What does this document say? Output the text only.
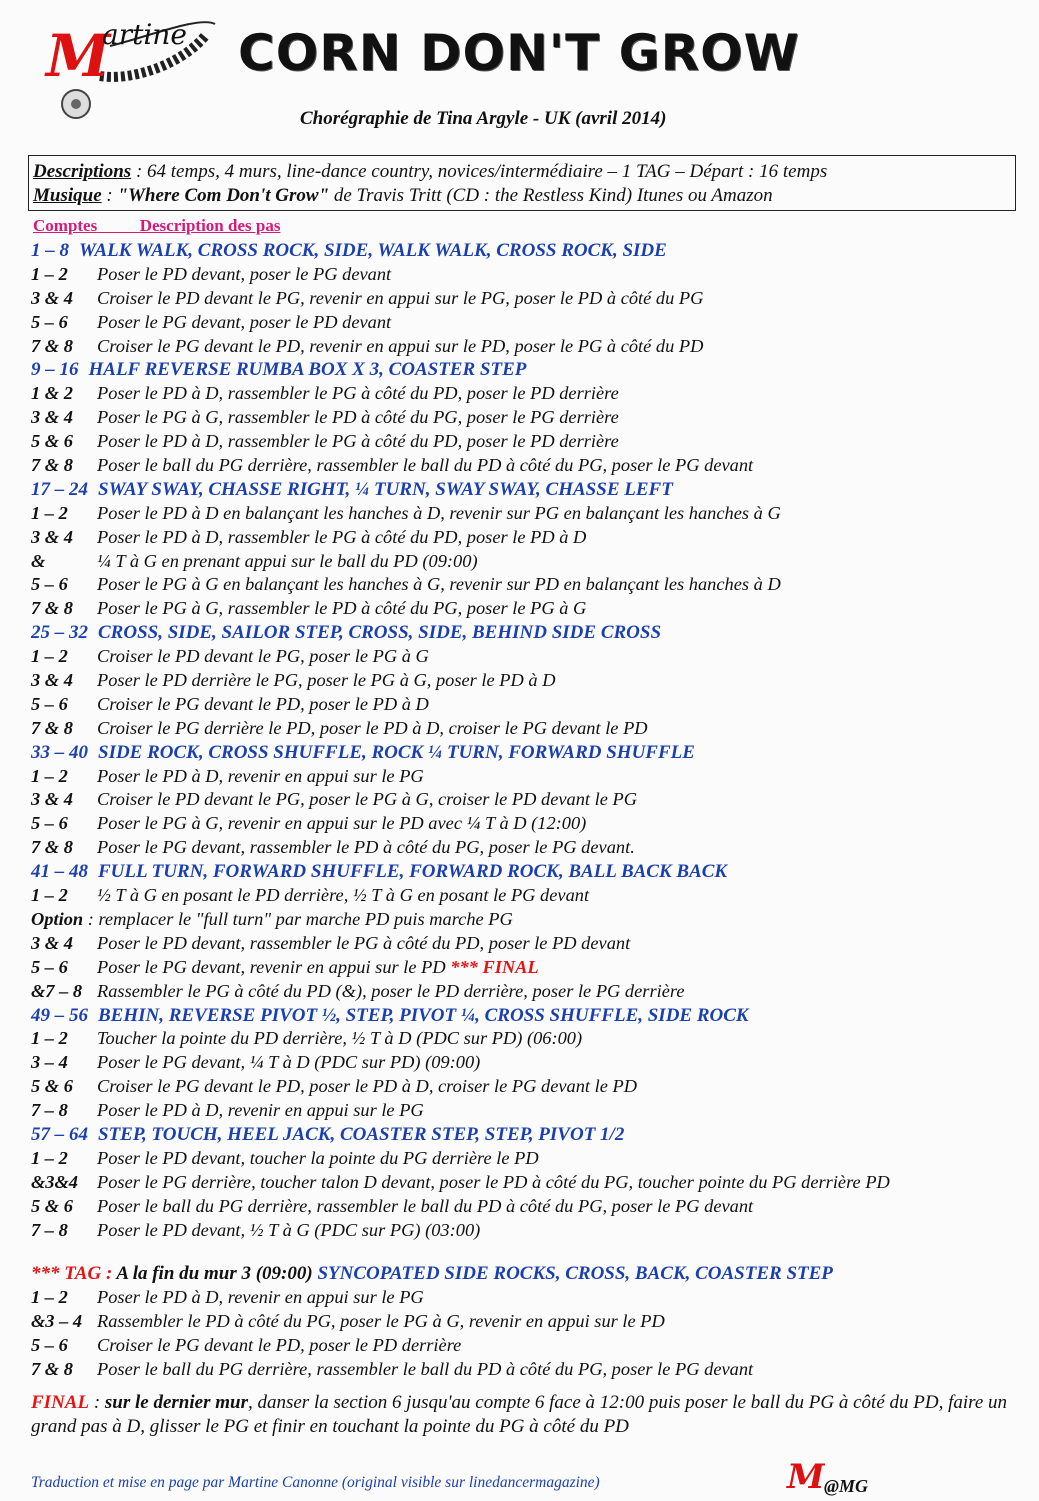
M
artine CORN DON'T GROW
Chorégraphie de Tina Argyle - UK (avril 2014)
Descriptions : 64 temps, 4 murs, line-dance country, novices/intermédiaire – 1 TAG – Départ : 16 temps
Musique : "Where Com Don't Grow" de Travis Tritt (CD : the Restless Kind) Itunes ou Amazon
Comptes	Description des pas
1 – 8 WALK WALK, CROSS ROCK, SIDE, WALK WALK, CROSS ROCK, SIDE
1 – 2 Poser le PD devant, poser le PG devant
3 & 4 Croiser le PD devant le PG, revenir en appui sur le PG, poser le PD à côté du PG
5 – 6 Poser le PG devant, poser le PD devant
7 & 8 Croiser le PG devant le PD, revenir en appui sur le PD, poser le PG à côté du PD
9 – 16 HALF REVERSE RUMBA BOX X 3, COASTER STEP
1 & 2 Poser le PD à D, rassembler le PG à côté du PD, poser le PD derrière
3 & 4 Poser le PG à G, rassembler le PD à côté du PG, poser le PG derrière
5 & 6 Poser le PD à D, rassembler le PG à côté du PD, poser le PD derrière
7 & 8 Poser le ball du PG derrière, rassembler le ball du PD à côté du PG, poser le PG devant
17 – 24 SWAY SWAY, CHASSE RIGHT, ¼ TURN, SWAY SWAY, CHASSE LEFT
1 – 2 Poser le PD à D en balançant les hanches à D, revenir sur PG en balançant les hanches à G
3 & 4 Poser le PD à D, rassembler le PG à côté du PD, poser le PD à D
&	¼ T à G en prenant appui sur le ball du PD (09:00)
5 – 6 Poser le PG à G en balançant les hanches à G, revenir sur PD en balançant les hanches à D
7 & 8 Poser le PG à G, rassembler le PD à côté du PG, poser le PG à G
25 – 32 CROSS, SIDE, SAILOR STEP, CROSS, SIDE, BEHIND SIDE CROSS
1 – 2 Croiser le PD devant le PG, poser le PG à G
3 & 4 Poser le PD derrière le PG, poser le PG à G, poser le PD à D
5 – 6 Croiser le PG devant le PD, poser le PD à D
7 & 8 Croiser le PG derrière le PD, poser le PD à D, croiser le PG devant le PD
33 – 40 SIDE ROCK, CROSS SHUFFLE, ROCK ¼ TURN, FORWARD SHUFFLE
1 – 2 Poser le PD à D, revenir en appui sur le PG
3 & 4 Croiser le PD devant le PG, poser le PG à G, croiser le PD devant le PG
5 – 6 Poser le PG à G, revenir en appui sur le PD avec ¼ T à D (12:00)
7 & 8 Poser le PG devant, rassembler le PD à côté du PG, poser le PG devant.
41 – 48 FULL TURN, FORWARD SHUFFLE, FORWARD ROCK, BALL BACK BACK
1 – 2 ½ T à G en posant le PD derrière, ½ T à G en posant le PG devant
Option : remplacer le "full turn" par marche PD puis marche PG
3 & 4 Poser le PD devant, rassembler le PG à côté du PD, poser le PD devant
5 – 6 Poser le PG devant, revenir en appui sur le PD *** FINAL
&7 – 8 Rassembler le PG à côté du PD (&), poser le PD derrière, poser le PG derrière
49 – 56 BEHIN, REVERSE PIVOT ½, STEP, PIVOT ¼, CROSS SHUFFLE, SIDE ROCK
1 – 2 Toucher la pointe du PD derrière, ½ T à D (PDC sur PD) (06:00)
3 – 4 Poser le PG devant, ¼ T à D (PDC sur PD) (09:00)
5 & 6 Croiser le PG devant le PD, poser le PD à D, croiser le PG devant le PD
7 – 8 Poser le PD à D, revenir en appui sur le PG
57 – 64 STEP, TOUCH, HEEL JACK, COASTER STEP, STEP, PIVOT 1/2
1 – 2 Poser le PD devant, toucher la pointe du PG derrière le PD
&3&4 Poser le PG derrière, toucher talon D devant, poser le PD à côté du PG, toucher pointe du PG derrière PD
5 & 6 Poser le ball du PG derrière, rassembler le ball du PD à côté du PG, poser le PG devant
7 – 8 Poser le PD devant, ½ T à G (PDC sur PG) (03:00)
*** TAG : A la fin du mur 3 (09:00) SYNCOPATED SIDE ROCKS, CROSS, BACK, COASTER STEP
1 – 2 Poser le PD à D, revenir en appui sur le PG
&3 – 4 Rassembler le PD à côté du PG, poser le PG à G, revenir en appui sur le PD
5 – 6 Croiser le PG devant le PD, poser le PD derrière
7 & 8 Poser le ball du PG derrière, rassembler le ball du PD à côté du PG, poser le PG devant
FINAL : sur le dernier mur, danser la section 6 jusqu'au compte 6 face à 12:00 puis poser le ball du PG à côté du PD, faire un grand pas à D, glisser le PG et finir en touchant la pointe du PG à côté du PD
Traduction et mise en page par Martine Canonne (original visible sur linedancermagazine)	M @MG
